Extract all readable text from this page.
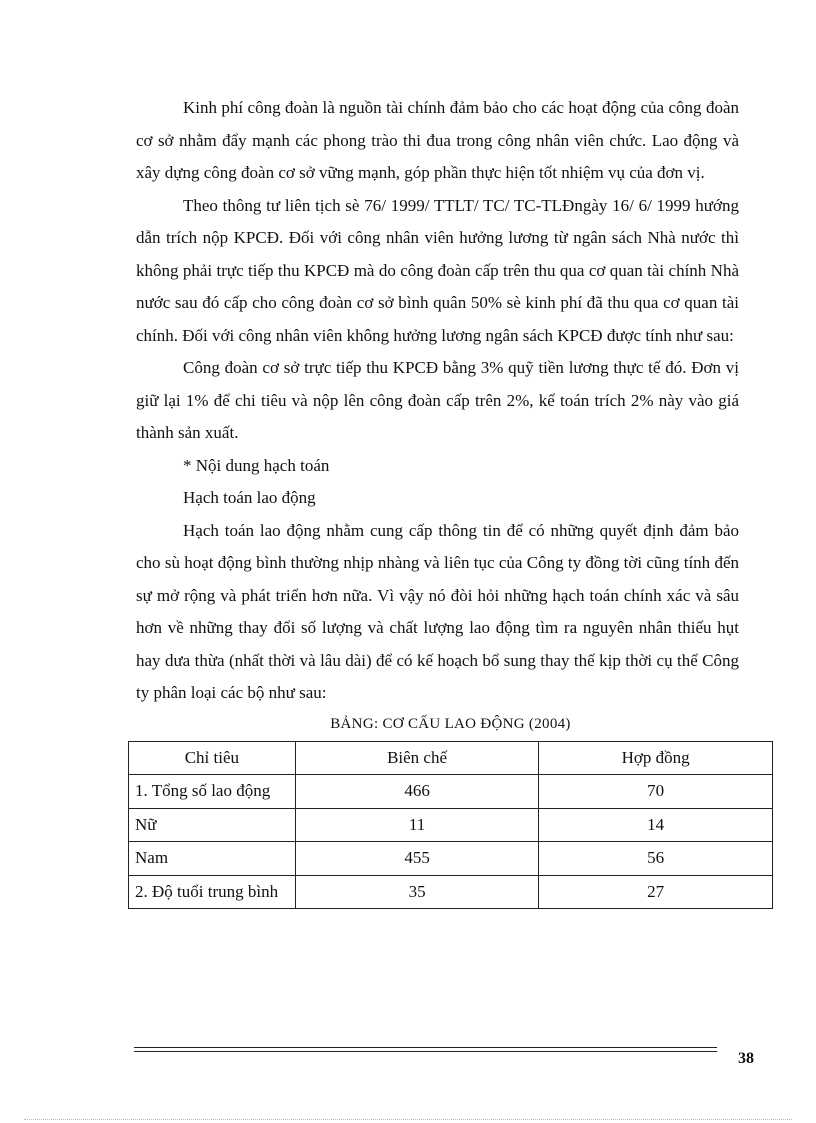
Kinh phí công đoàn là nguồn tài chính đảm bảo cho các hoạt động của công đoàn cơ sở nhằm đẩy mạnh các phong trào thi đua trong công nhân viên chức. Lao động và xây dựng công đoàn cơ sở vững mạnh, góp phần thực hiện tốt nhiệm vụ của đơn vị.

Theo thông tư liên tịch sè 76/ 1999/ TTLT/ TC/ TC-TLĐngày 16/ 6/ 1999 hướng dẫn trích nộp KPCĐ. Đối với công nhân viên hưởng lương từ ngân sách Nhà nước thì không phải trực tiếp thu KPCĐ mà do công đoàn cấp trên thu qua cơ quan tài chính Nhà nước sau đó cấp cho công đoàn cơ sở bình quân 50% sè kinh phí đã thu qua cơ quan tài chính. Đối với công nhân viên không hưởng lương ngân sách KPCĐ được tính như sau:

Công đoàn cơ sở trực tiếp thu KPCĐ bằng 3% quỹ tiền lương thực tế đó. Đơn vị giữ lại 1% để chi tiêu và nộp lên công đoàn cấp trên 2%, kế toán trích 2% này vào giá thành sản xuất.

* Nội dung hạch toán

Hạch toán lao động

Hạch toán lao động nhằm cung cấp thông tin để có những quyết định đảm bảo cho sù hoạt động bình thường nhịp nhàng và liên tục của Công ty đồng tời cũng tính đến sự mở rộng và phát triển hơn nữa. Vì vậy nó đòi hỏi những hạch toán chính xác và sâu hơn về những thay đổi số lượng và chất lượng lao động tìm ra nguyên nhân thiếu hụt hay dưa thừa (nhất thời và lâu dài) để có kế hoạch bổ sung thay thế kịp thời cụ thể Công ty phân loại các bộ như sau:

BẢNG: CƠ CẤU LAO ĐỘNG (2004)
Chỉ tiêu	Biên chế	Hợp đồng
1. Tổng số lao động	466	70
Nữ	11	14
Nam	455	56
2. Độ tuổi trung bình	35	27
38
